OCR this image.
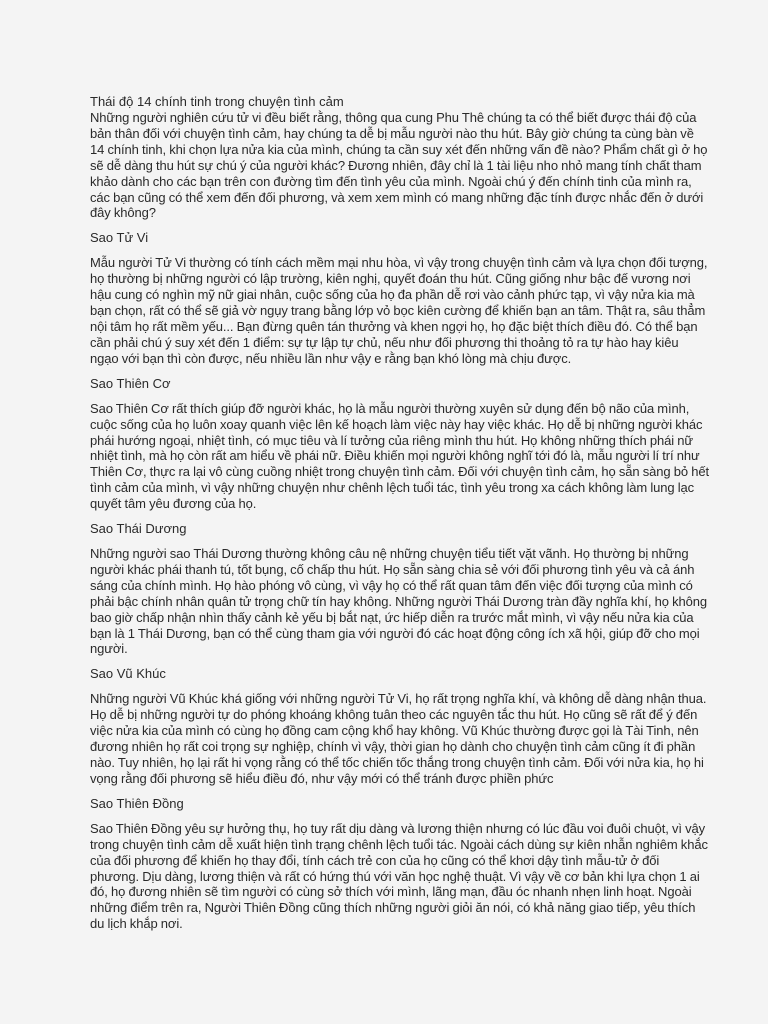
Thái độ 14 chính tinh trong chuyện tình cảm

Những người nghiên cứu tử vi đều biết rằng, thông qua cung Phu Thê chúng ta có thể biết được thái độ của bản thân đối với chuyện tình cảm, hay chúng ta dễ bị mẫu người nào thu hút. Bây giờ chúng ta cùng bàn về 14 chính tinh, khi chọn lựa nửa kia của mình, chúng ta cần suy xét đến những vấn đề nào? Phẩm chất gì ở họ sẽ dễ dàng thu hút sự chú ý của người khác? Đương nhiên, đây chỉ là 1 tài liệu nho nhỏ mang tính chất tham khảo dành cho các bạn trên con đường tìm đến tình yêu của mình. Ngoài chú ý đến chính tinh của mình ra, các bạn cũng có thể xem đến đối phương, và xem xem mình có mang những đặc tính được nhắc đến ở dưới đây không?

Sao Tử Vi

Mẫu người Tử Vi thường có tính cách mềm mại nhu hòa, vì vậy trong chuyện tình cảm và lựa chọn đối tượng, họ thường bị những người có lập trường, kiên nghị, quyết đoán thu hút. Cũng giống như bậc đế vương nơi hậu cung có nghìn mỹ nữ giai nhân, cuộc sống của họ đa phần dễ rơi vào cảnh phức tạp, vì vậy nửa kia mà bạn chọn, rất có thể sẽ giả vờ ngụy trang bằng lớp vỏ bọc kiên cường để khiến bạn an tâm. Thật ra, sâu thẳm nội tâm họ rất mềm yếu... Bạn đừng quên tán thưởng và khen ngợi họ, họ đặc biệt thích điều đó. Có thể bạn cần phải chú ý suy xét đến 1 điểm: sự tự lập tự chủ, nếu như đối phương thi thoảng tỏ ra tự hào hay kiêu ngạo với bạn thì còn được, nếu nhiều lần như vậy e rằng bạn khó lòng mà chịu được.

Sao Thiên Cơ

Sao Thiên Cơ rất thích giúp đỡ người khác, họ là mẫu người thường xuyên sử dụng đến bộ não của mình, cuộc sống của họ luôn xoay quanh việc lên kế hoạch làm việc này hay việc khác. Họ dễ bị những người khác phái hướng ngoại, nhiệt tình, có mục tiêu và lí tưởng của riêng mình thu hút. Họ không những thích phái nữ nhiệt tình, mà họ còn rất am hiểu về phái nữ. Điều khiến mọi người không nghĩ tới đó là, mẫu người lí trí như Thiên Cơ, thực ra lại vô cùng cuồng nhiệt trong chuyện tình cảm. Đối với chuyện tình cảm, họ sẵn sàng bỏ hết tình cảm của mình, vì vậy những chuyện như chênh lệch tuổi tác, tình yêu trong xa cách không làm lung lạc quyết tâm yêu đương của họ.

Sao Thái Dương

Những người sao Thái Dương thường không câu nệ những chuyện tiểu tiết vặt vãnh. Họ thường bị những người khác phái thanh tú, tốt bụng, cố chấp thu hút. Họ sẵn sàng chia sẻ với đối phương tình yêu và cả ánh sáng của chính mình. Họ hào phóng vô cùng, vì vậy họ có thể rất quan tâm đến việc đối tượng của mình có phải bậc chính nhân quân tử trọng chữ tín hay không. Những người Thái Dương tràn đầy nghĩa khí, họ không bao giờ chấp nhận nhìn thấy cảnh kẻ yếu bị bắt nạt, ức hiếp diễn ra trước mắt mình, vì vậy nếu nửa kia của bạn là 1 Thái Dương, bạn có thể cùng tham gia với người đó các hoạt động công ích xã hội, giúp đỡ cho mọi người.

Sao Vũ Khúc

Những người Vũ Khúc khá giống với những người Tử Vi, họ rất trọng nghĩa khí, và không dễ dàng nhận thua. Họ dễ bị những người tự do phóng khoáng không tuân theo các nguyên tắc thu hút. Họ cũng sẽ rất để ý đến việc nửa kia của mình có cùng họ đồng cam cộng khổ hay không. Vũ Khúc thường được gọi là Tài Tinh, nên đương nhiên họ rất coi trọng sự nghiệp, chính vì vậy, thời gian họ dành cho chuyện tình cảm cũng ít đi phần nào. Tuy nhiên, họ lại rất hi vọng rằng có thể tốc chiến tốc thắng trong chuyện tình cảm. Đối với nửa kia, họ hi vọng rằng đối phương sẽ hiểu điều đó, như vậy mới có thể tránh được phiền phức

Sao Thiên Đồng

Sao Thiên Đồng yêu sự hưởng thụ, họ tuy rất dịu dàng và lương thiện nhưng có lúc đầu voi đuôi chuột, vì vậy trong chuyện tình cảm dễ xuất hiện tình trạng chênh lệch tuổi tác. Ngoài cách dùng sự kiên nhẫn nghiêm khắc của đối phương để khiến họ thay đổi, tính cách trẻ con của họ cũng có thể khơi dậy tình mẫu-tử ở đối phương. Dịu dàng, lương thiện và rất có hứng thú với văn học nghệ thuật. Vì vậy về cơ bản khi lựa chọn 1 ai đó, họ đương nhiên sẽ tìm người có cùng sở thích với mình, lãng mạn, đầu óc nhanh nhẹn linh hoạt. Ngoài những điểm trên ra, Người Thiên Đồng cũng thích những người giỏi ăn nói, có khả năng giao tiếp, yêu thích du lịch khắp nơi.
